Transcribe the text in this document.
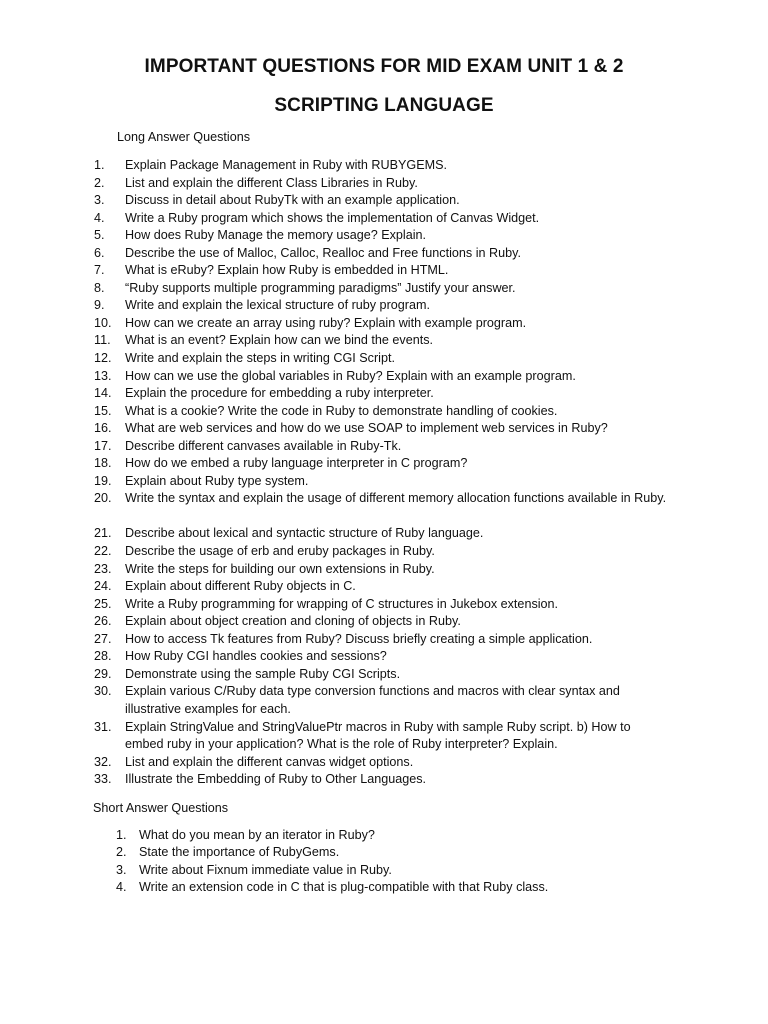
IMPORTANT QUESTIONS FOR MID EXAM UNIT 1 & 2
SCRIPTING LANGUAGE
Long Answer Questions
1.	Explain Package Management in Ruby with RUBYGEMS.
2.	List and explain the different Class Libraries in Ruby.
3.	Discuss in detail about RubyTk with an example application.
4.	Write a Ruby program which shows the implementation of Canvas Widget.
5.	How does Ruby Manage the memory usage? Explain.
6.	Describe the use of Malloc, Calloc, Realloc and Free functions in Ruby.
7.	What is eRuby? Explain how Ruby is embedded in HTML.
8.	“Ruby supports multiple programming paradigms” Justify your answer.
9.	Write and explain the lexical structure of ruby program.
10.	How can we create an array using ruby? Explain with example program.
11.	What is an event? Explain how can we bind the events.
12.	Write and explain the steps in writing CGI Script.
13.	How can we use the global variables in Ruby? Explain with an example program.
14.	Explain the procedure for embedding a ruby interpreter.
15.	What is a cookie? Write the code in Ruby to demonstrate handling of cookies.
16.	What are web services and how do we use SOAP to implement web services in Ruby?
17.	Describe different canvases available in Ruby-Tk.
18.	How do we embed a ruby language interpreter in C program?
19.	Explain about Ruby type system.
20.	Write the syntax and explain the usage of different memory allocation functions available in Ruby.
21.	Describe about lexical and syntactic structure of Ruby language.
22.	Describe the usage of erb and eruby packages in Ruby.
23.	Write the steps for building our own extensions in Ruby.
24.	Explain about different Ruby objects in C.
25.	Write a Ruby programming for wrapping of C structures in Jukebox extension.
26.	Explain about object creation and cloning of objects in Ruby.
27.	How to access Tk features from Ruby? Discuss briefly creating a simple application.
28.	How Ruby CGI handles cookies and sessions?
29.	Demonstrate using the sample Ruby CGI Scripts.
30.	Explain various C/Ruby data type conversion functions and macros with clear syntax and illustrative examples for each.
31.	Explain StringValue and StringValuePtr macros in Ruby with sample Ruby script. b) How to embed ruby in your application? What is the role of Ruby interpreter? Explain.
32.	List and explain the different canvas widget options.
33.	Illustrate the Embedding of Ruby to Other Languages.
Short Answer Questions
1. What do you mean by an iterator in Ruby?
2. State the importance of RubyGems.
3. Write about Fixnum immediate value in Ruby.
4. Write an extension code in C that is plug-compatible with that Ruby class.
